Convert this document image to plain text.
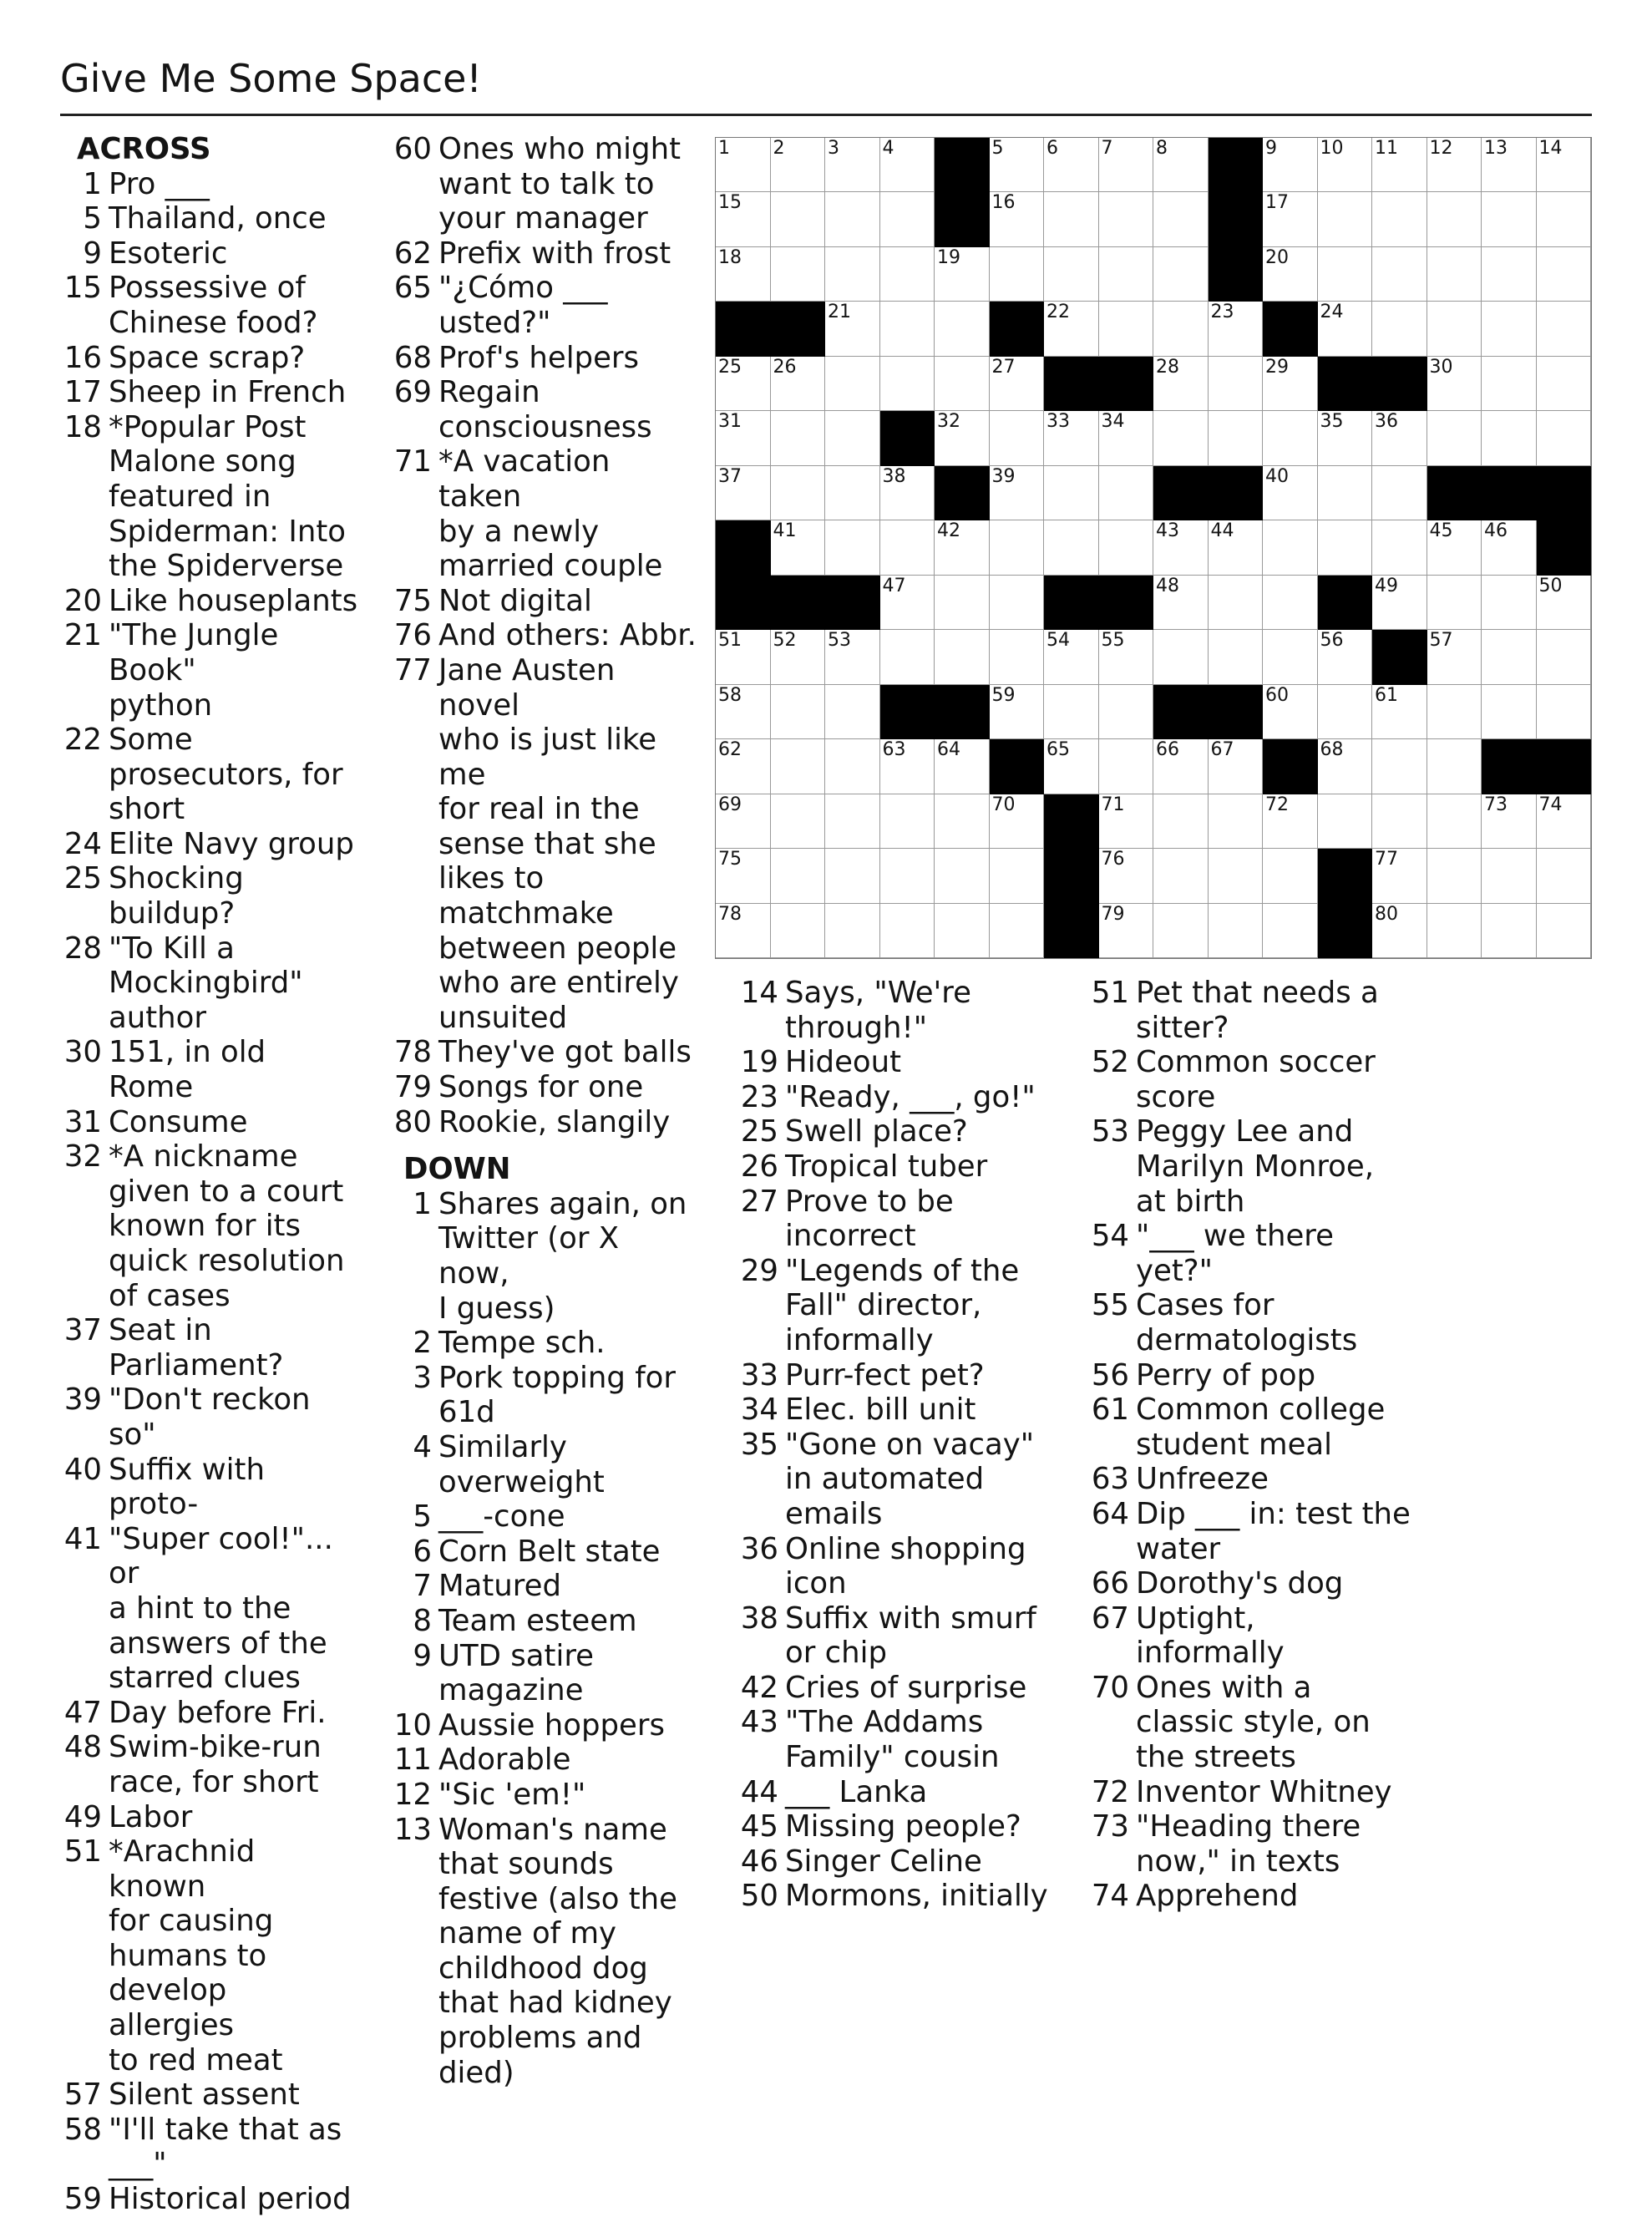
Give Me Some Space!
ACROSS
1 Pro ___
5 Thailand, once
9 Esoteric
15 Possessive of
Chinese food?
16 Space scrap?
17 Sheep in French
18 *Popular Post
Malone song
featured in
Spiderman: Into
the Spiderverse
20 Like houseplants
21 "The Jungle Book"
python
22 Some
prosecutors, for
short
24 Elite Navy group
25 Shocking buildup?
28 "To Kill a
Mockingbird"
author
30 151, in old Rome
31 Consume
32 *A nickname
given to a court
known for its
quick resolution
of cases
37 Seat in
Parliament?
39 "Don't reckon so"
40 Suffix with proto-
41 "Super cool!"... or
a hint to the
answers of the
starred clues
47 Day before Fri.
48 Swim-bike-run
race, for short
49 Labor
51 *Arachnid known
for causing
humans to
develop allergies
to red meat
57 Silent assent
58 "I'll take that as
___"
59 Historical period
60 Ones who might
want to talk to
your manager
62 Prefix with frost
65 "¿Cómo ___
usted?"
68 Prof's helpers
69 Regain
consciousness
71 *A vacation taken
by a newly
married couple
75 Not digital
76 And others: Abbr.
77 Jane Austen novel
who is just like me
for real in the
sense that she
likes to
matchmake
between people
who are entirely
unsuited
78 They've got balls
79 Songs for one
80 Rookie, slangily
DOWN
1 Shares again, on
Twitter (or X now,
I guess)
2 Tempe sch.
3 Pork topping for
61d
4 Similarly
overweight
5 ___-cone
6 Corn Belt state
7 Matured
8 Team esteem
9 UTD satire
magazine
10 Aussie hoppers
11 Adorable
12 "Sic 'em!"
13 Woman's name
that sounds
festive (also the
name of my
childhood dog
that had kidney
problems and
died)
1 2 3 4	5 6 7 8	9 10 11 12 13 14
15	16	17
18	19	20
21	22	23	24
25 26	27	28	29	30
31	32	33 34	35 36
37	38	39	40
41	42	43 44	45 46
47	48	49	50
51 52 53	54 55	56	57
58	59	60	61
62	63 64	65	66 67	68
69	70	71	72	73 74
75	76	77
78	79	80
14 Says, "We're
through!"
19 Hideout
23 "Ready, ___, go!"
25 Swell place?
26 Tropical tuber
27 Prove to be
incorrect
29 "Legends of the
Fall" director,
informally
33 Purr-fect pet?
34 Elec. bill unit
35 "Gone on vacay"
in automated
emails
36 Online shopping
icon
38 Suffix with smurf
or chip
42 Cries of surprise
43 "The Addams
Family" cousin
44 ___ Lanka
45 Missing people?
46 Singer Celine
50 Mormons, initially
51 Pet that needs a
sitter?
52 Common soccer
score
53 Peggy Lee and
Marilyn Monroe,
at birth
54 "___ we there
yet?"
55 Cases for
dermatologists
56 Perry of pop
61 Common college
student meal
63 Unfreeze
64 Dip ___ in: test the
water
66 Dorothy's dog
67 Uptight,
informally
70 Ones with a
classic style, on
the streets
72 Inventor Whitney
73 "Heading there
now," in texts
74 Apprehend
